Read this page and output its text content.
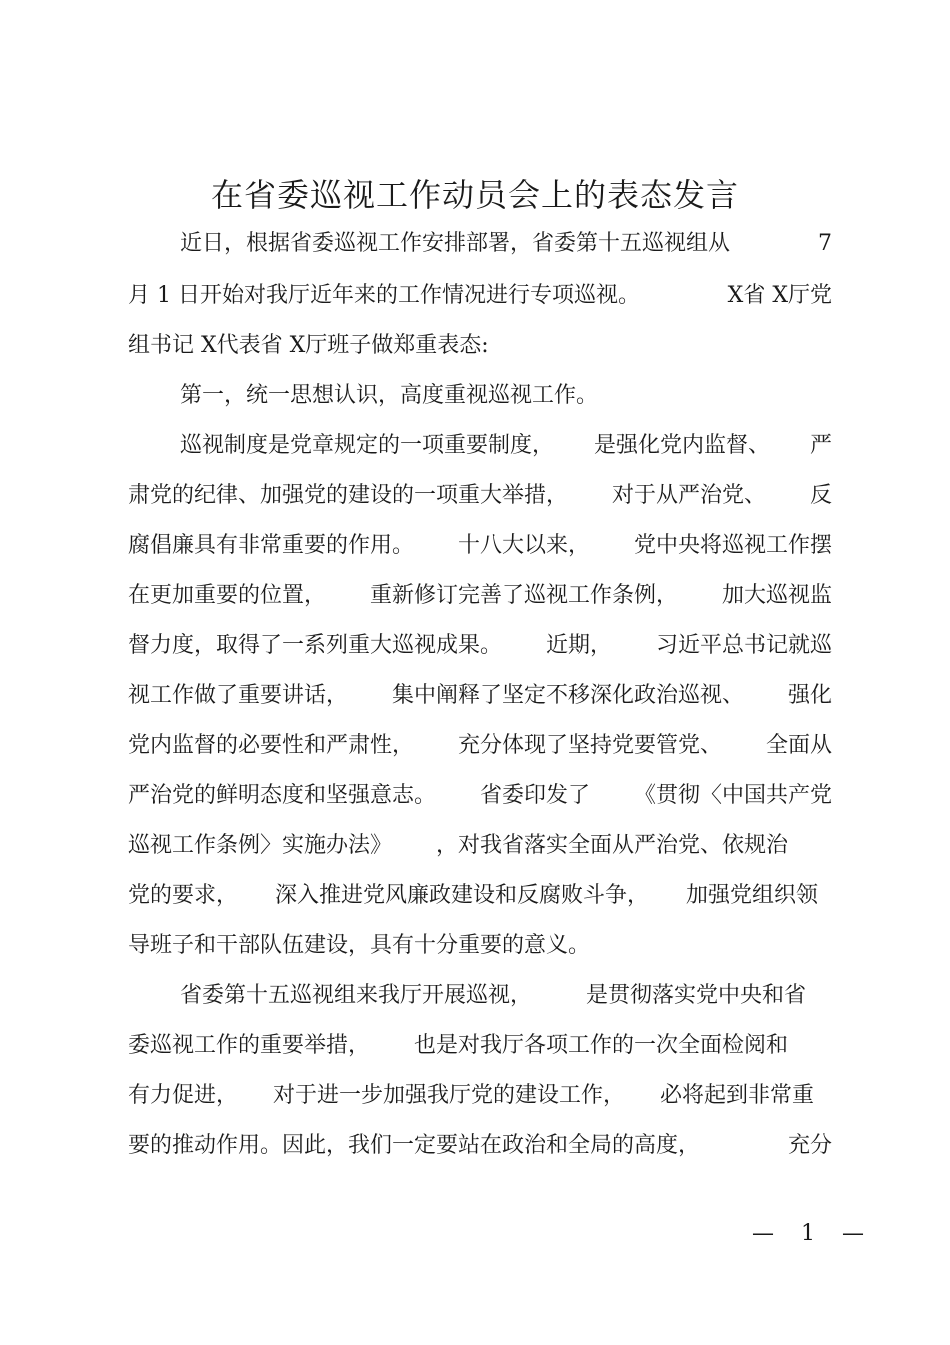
在省委巡视工作动员会上的表态发言
近日，根据省委巡视工作安排部署，省委第十五巡视组从	7
月 1 日开始对我厅近年来的工作情况进行专项巡视。	X省 X厅党
组书记 X代表省 X厅班子做郑重表态:
第一，统一思想认识，高度重视巡视工作。
巡视制度是党章规定的一项重要制度， 是强化党内监督、 严
肃党的纪律、加强党的建设的一项重大举措， 对于从严治党、 反
腐倡廉具有非常重要的作用。 十八大以来， 党中央将巡视工作摆
在更加重要的位置， 重新修订完善了巡视工作条例， 加大巡视监
督力度，取得了一系列重大巡视成果。 近期， 习近平总书记就巡
视工作做了重要讲话， 集中阐释了坚定不移深化政治巡视、 强化
党内监督的必要性和严肃性， 充分体现了坚持党要管党、 全面从
严治党的鲜明态度和坚强意志。 省委印发了 《贯彻〈中国共产党
巡视工作条例〉实施办法》 ，对我省落实全面从严治党、依规治
党的要求， 深入推进党风廉政建设和反腐败斗争， 加强党组织领
导班子和干部队伍建设，具有十分重要的意义。
省委第十五巡视组来我厅开展巡视， 是贯彻落实党中央和省
委巡视工作的重要举措， 也是对我厅各项工作的一次全面检阅和
有力促进， 对于进一步加强我厅党的建设工作， 必将起到非常重
要的推动作用。因此，我们一定要站在政治和全局的高度，	充分
— 1 —
